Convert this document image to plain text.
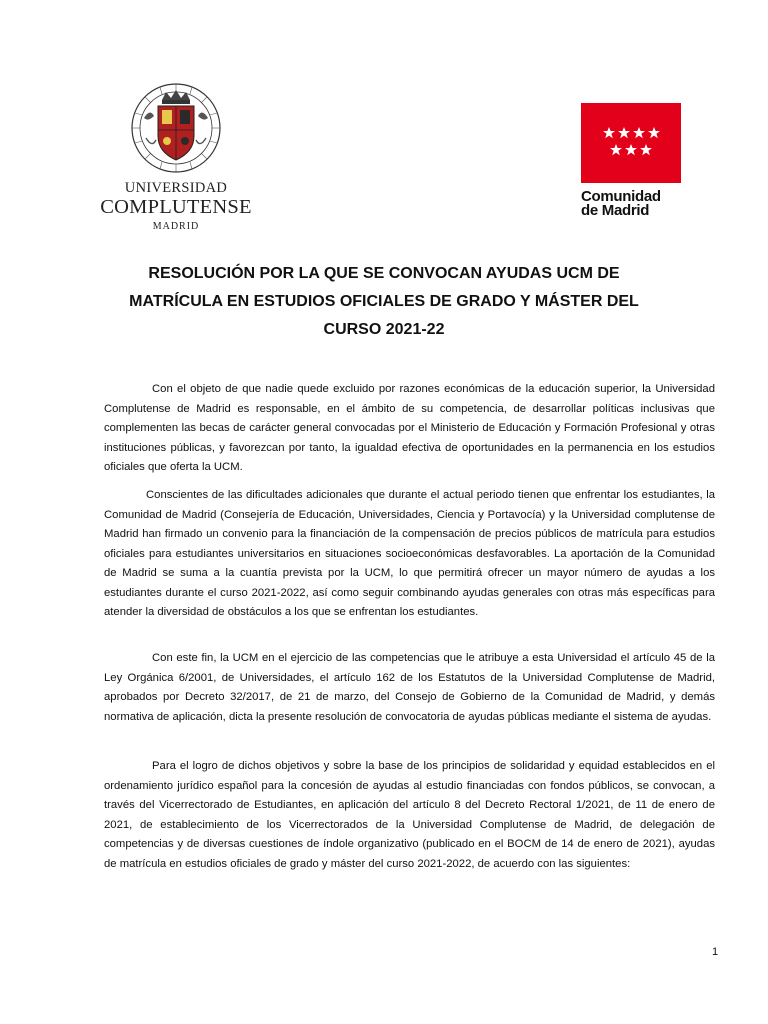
UNIVERSIDAD
COMPLUTENSE
MADRID
Comunidad
de Madrid
RESOLUCIÓN POR LA QUE SE CONVOCAN AYUDAS UCM DE MATRÍCULA EN ESTUDIOS OFICIALES DE GRADO Y MÁSTER DEL CURSO 2021-22

Con el objeto de que nadie quede excluido por razones económicas de la educación superior, la Universidad Complutense de Madrid es responsable, en el ámbito de su competencia, de desarrollar políticas inclusivas que complementen las becas de carácter general convocadas por el Ministerio de Educación y Formación Profesional y otras instituciones públicas, y favorezcan por tanto, la igualdad efectiva de oportunidades en la permanencia en los estudios oficiales que oferta la UCM.

Conscientes de las dificultades adicionales que durante el actual periodo tienen que enfrentar los estudiantes, la Comunidad de Madrid (Consejería de Educación, Universidades, Ciencia y Portavocía) y la Universidad complutense de Madrid han firmado un convenio para la financiación de la compensación de precios públicos de matrícula para estudios oficiales para estudiantes universitarios en situaciones socioeconómicas desfavorables. La aportación de la Comunidad de Madrid se suma a la cuantía prevista por la UCM, lo que permitirá ofrecer un mayor número de ayudas a los estudiantes durante el curso 2021-2022, así como seguir combinando ayudas generales con otras más específicas para atender la diversidad de obstáculos a los que se enfrentan los estudiantes.

Con este fin, la UCM en el ejercicio de las competencias que le atribuye a esta Universidad el artículo 45 de la Ley Orgánica 6/2001, de Universidades, el artículo 162 de los Estatutos de la Universidad Complutense de Madrid, aprobados por Decreto 32/2017, de 21 de marzo, del Consejo de Gobierno de la Comunidad de Madrid, y demás normativa de aplicación, dicta la presente resolución de convocatoria de ayudas públicas mediante el sistema de ayudas.

Para el logro de dichos objetivos y sobre la base de los principios de solidaridad y equidad establecidos en el ordenamiento jurídico español para la concesión de ayudas al estudio financiadas con fondos públicos, se convocan, a través del Vicerrectorado de Estudiantes, en aplicación del artículo 8 del Decreto Rectoral 1/2021, de 11 de enero de 2021, de establecimiento de los Vicerrectorados de la Universidad Complutense de Madrid, de delegación de competencias y de diversas cuestiones de índole organizativo (publicado en el BOCM de 14 de enero de 2021), ayudas de matrícula en estudios oficiales de grado y máster del curso 2021-2022, de acuerdo con las siguientes:

1
